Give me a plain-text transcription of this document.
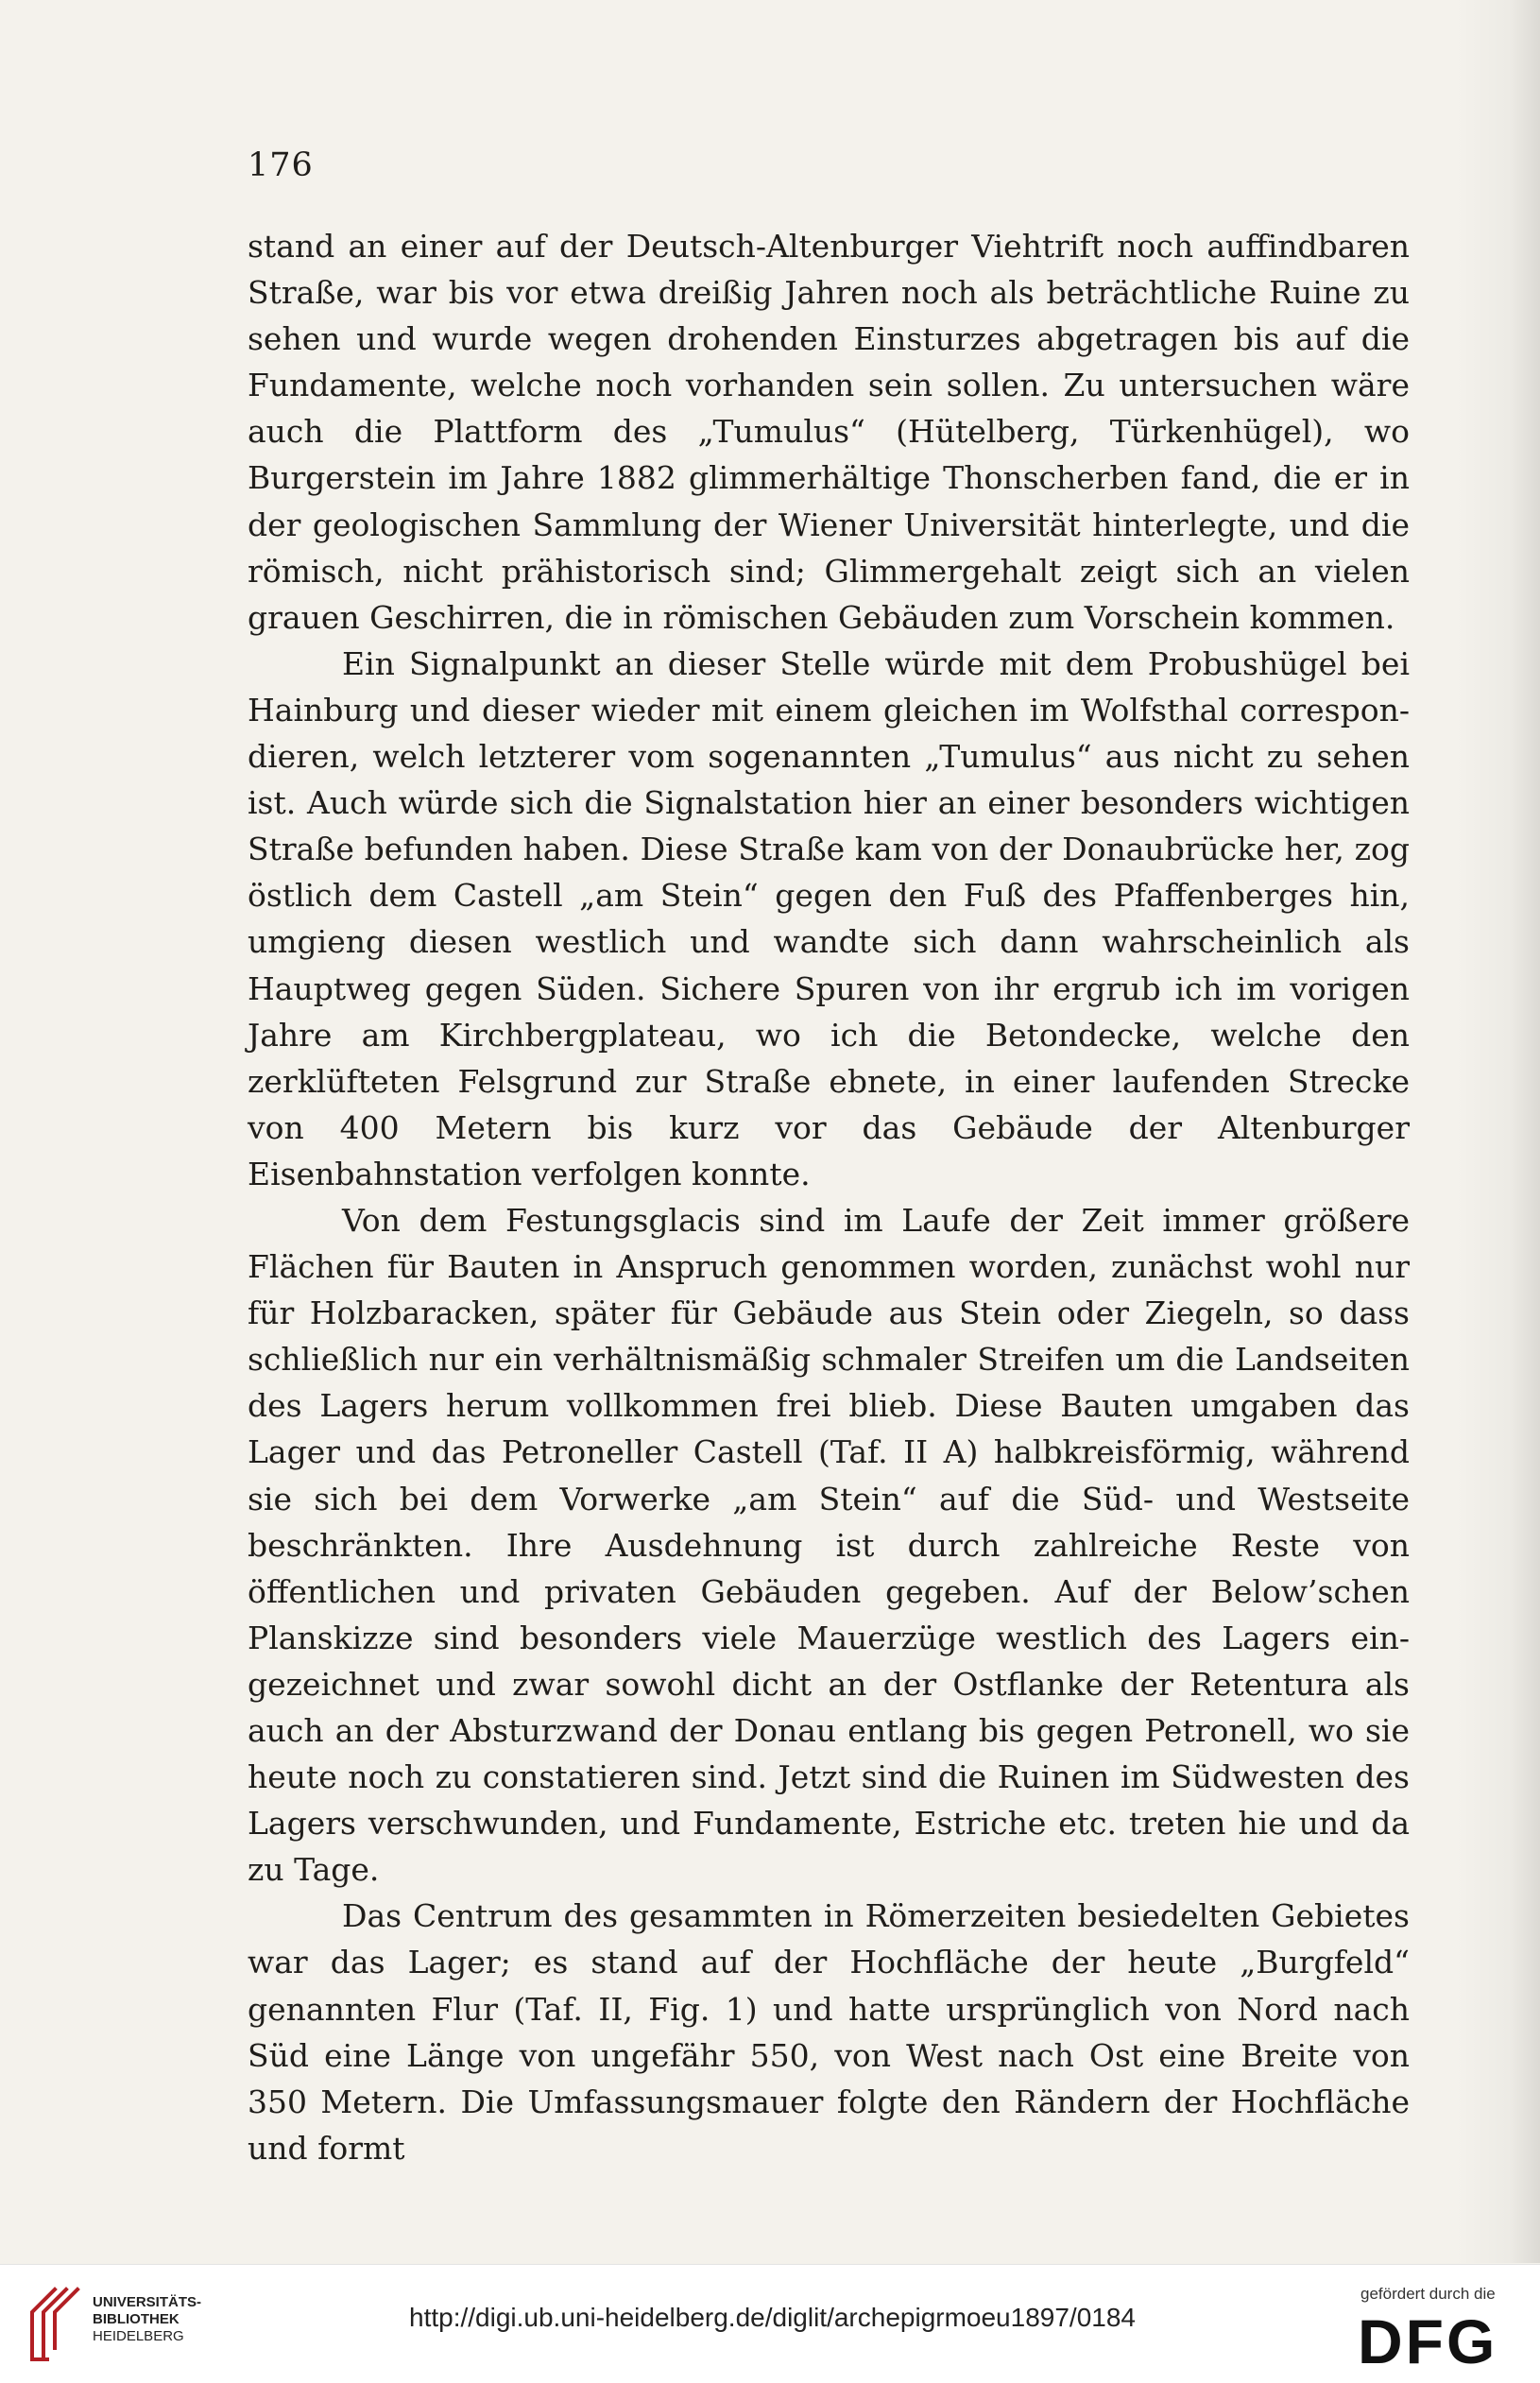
176

stand an einer auf der Deutsch-Altenburger Viehtrift noch auffindbaren Straße, war bis vor etwa dreißig Jahren noch als beträchtliche Ruine zu sehen und wurde wegen drohenden Einsturzes abgetragen bis auf die Fundamente, welche noch vorhanden sein sollen. Zu untersuchen wäre auch die Plattform des „Tumulus“ (Hütelberg, Türkenhügel), wo Burgerstein im Jahre 1882 glimmerhältige Thonscherben fand, die er in der geologischen Sammlung der Wiener Universität hinterlegte, und die römisch, nicht prähistorisch sind; Glimmergehalt zeigt sich an vielen grauen Geschirren, die in römischen Gebäuden zum Vorschein kommen.

Ein Signalpunkt an dieser Stelle würde mit dem Probushügel bei Hainburg und dieser wieder mit einem gleichen im Wolfsthal correspondieren, welch letzterer vom sogenannten „Tumulus“ aus nicht zu sehen ist. Auch würde sich die Signalstation hier an einer besonders wichtigen Straße befunden haben. Diese Straße kam von der Donaubrücke her, zog östlich dem Castell „am Stein“ gegen den Fuß des Pfaffenberges hin, umgieng diesen westlich und wandte sich dann wahrscheinlich als Hauptweg gegen Süden. Sichere Spuren von ihr ergrub ich im vorigen Jahre am Kirchbergplateau, wo ich die Betondecke, welche den zerklüfteten Felsgrund zur Straße ebnete, in einer laufenden Strecke von 400 Metern bis kurz vor das Gebäude der Altenburger Eisenbahnstation verfolgen konnte.

Von dem Festungsglacis sind im Laufe der Zeit immer größere Flächen für Bauten in Anspruch genommen worden, zunächst wohl nur für Holzbaracken, später für Gebäude aus Stein oder Ziegeln, so dass schließlich nur ein verhältnismäßig schmaler Streifen um die Landseiten des Lagers herum vollkommen frei blieb. Diese Bauten umgaben das Lager und das Petroneller Castell (Taf. II A) halbkreisförmig, während sie sich bei dem Vorwerke „am Stein“ auf die Süd- und Westseite beschränkten. Ihre Ausdehnung ist durch zahlreiche Reste von öffentlichen und privaten Gebäuden gegeben. Auf der Below’schen Planskizze sind besonders viele Mauerzüge westlich des Lagers eingezeichnet und zwar sowohl dicht an der Ostflanke der Retentura als auch an der Absturzwand der Donau entlang bis gegen Petronell, wo sie heute noch zu constatieren sind. Jetzt sind die Ruinen im Südwesten des Lagers verschwunden, und Fundamente, Estriche etc. treten hie und da zu Tage.

Das Centrum des gesammten in Römerzeiten besiedelten Gebietes war das Lager; es stand auf der Hochfläche der heute „Burgfeld“ genannten Flur (Taf. II, Fig. 1) und hatte ursprünglich von Nord nach Süd eine Länge von ungefähr 550, von West nach Ost eine Breite von 350 Metern. Die Umfassungsmauer folgte den Rändern der Hochfläche und formt

UNIVERSITÄTS-
BIBLIOTHEK
HEIDELBERG
http://digi.ub.uni-heidelberg.de/diglit/archepigrmoeu1897/0184
gefördert durch die
DFG
